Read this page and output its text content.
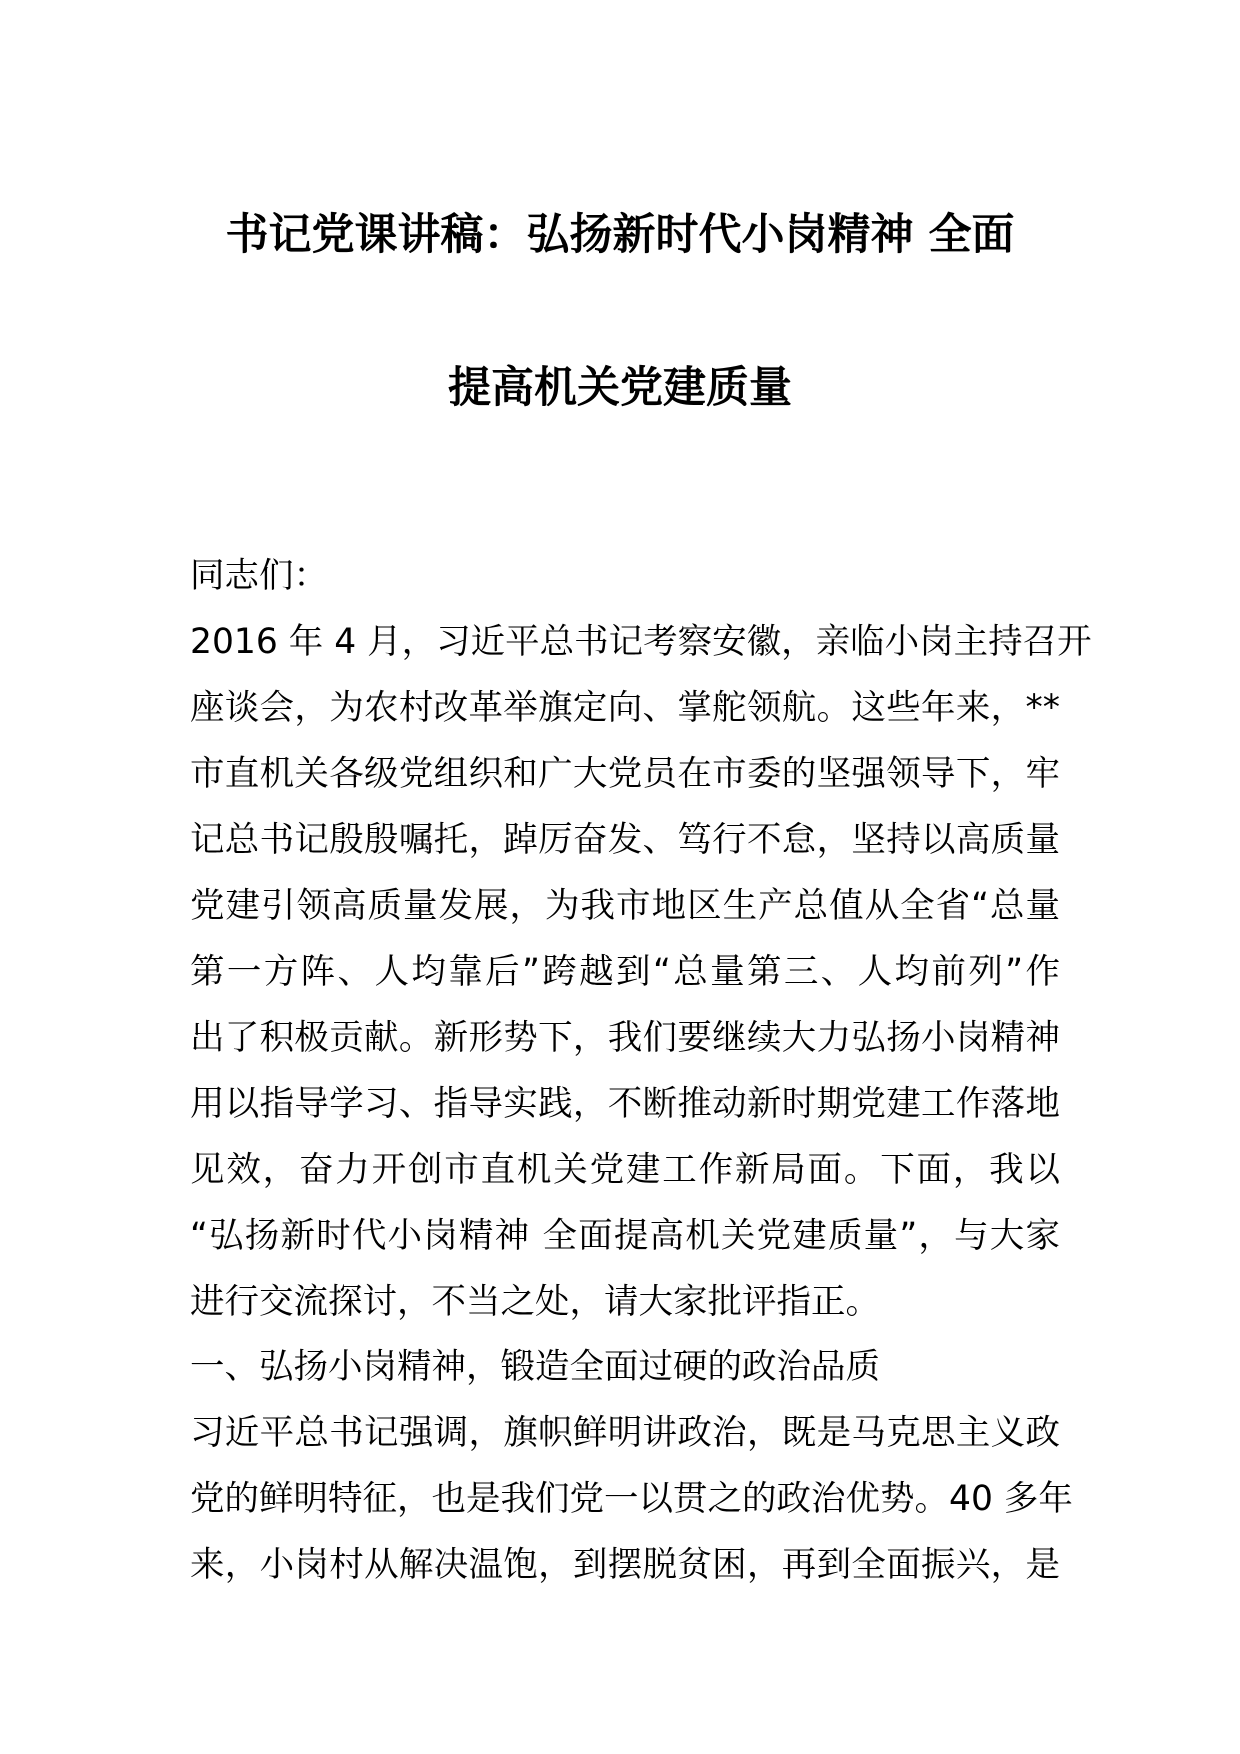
书记党课讲稿：弘扬新时代小岗精神 全面
提高机关党建质量
同志们：
2016 年 4 月，习近平总书记考察安徽，亲临小岗主持召开
座谈会，为农村改革举旗定向、掌舵领航。这些年来，**
市直机关各级党组织和广大党员在市委的坚强领导下，牢
记总书记殷殷嘱托，踔厉奋发、笃行不怠，坚持以高质量
党建引领高质量发展，为我市地区生产总值从全省“总量
第一方阵、人均靠后”跨越到“总量第三、人均前列”作
出了积极贡献。新形势下，我们要继续大力弘扬小岗精神
用以指导学习、指导实践，不断推动新时期党建工作落地
见效，奋力开创市直机关党建工作新局面。下面，我以
“弘扬新时代小岗精神 全面提高机关党建质量”，与大家
进行交流探讨，不当之处，请大家批评指正。
一、弘扬小岗精神，锻造全面过硬的政治品质
习近平总书记强调，旗帜鲜明讲政治，既是马克思主义政
党的鲜明特征，也是我们党一以贯之的政治优势。40 多年
来，小岗村从解决温饱，到摆脱贫困，再到全面振兴，是
